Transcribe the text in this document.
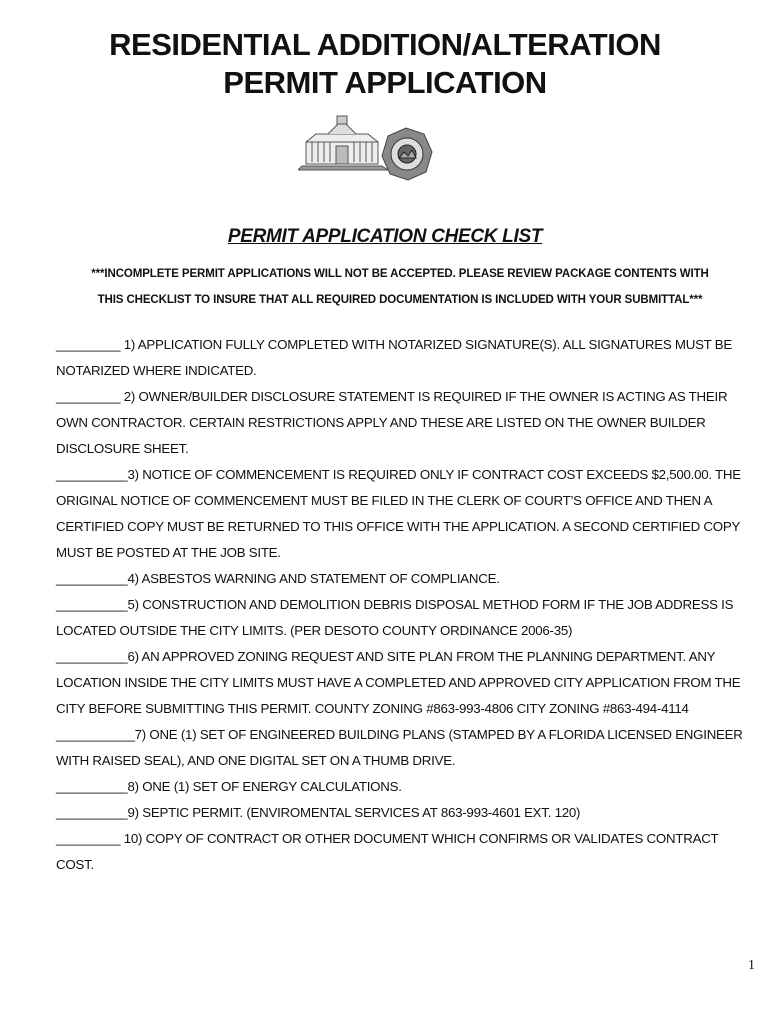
RESIDENTIAL ADDITION/ALTERATION
PERMIT APPLICATION
PERMIT APPLICATION CHECK LIST
***INCOMPLETE PERMIT APPLICATIONS WILL NOT BE ACCEPTED. PLEASE REVIEW PACKAGE CONTENTS WITH
THIS CHECKLIST TO INSURE THAT ALL REQUIRED DOCUMENTATION IS INCLUDED WITH YOUR SUBMITTAL***
_________ 1) APPLICATION FULLY COMPLETED WITH NOTARIZED SIGNATURE(S). ALL SIGNATURES MUST BE
NOTARIZED WHERE INDICATED.
_________ 2) OWNER/BUILDER DISCLOSURE STATEMENT IS REQUIRED IF THE OWNER IS ACTING AS THEIR
OWN CONTRACTOR. CERTAIN RESTRICTIONS APPLY AND THESE ARE LISTED ON THE OWNER BUILDER
DISCLOSURE SHEET.
__________3) NOTICE OF COMMENCEMENT IS REQUIRED ONLY IF CONTRACT COST EXCEEDS $2,500.00. THE
ORIGINAL NOTICE OF COMMENCEMENT MUST BE FILED IN THE CLERK OF COURT’S OFFICE AND THEN A
CERTIFIED COPY MUST BE RETURNED TO THIS OFFICE WITH THE APPLICATION. A SECOND CERTIFIED COPY
MUST BE POSTED AT THE JOB SITE.
__________4) ASBESTOS WARNING AND STATEMENT OF COMPLIANCE.
__________5) CONSTRUCTION AND DEMOLITION DEBRIS DISPOSAL METHOD FORM IF THE JOB ADDRESS IS
LOCATED OUTSIDE THE CITY LIMITS. (PER DESOTO COUNTY ORDINANCE 2006-35)
__________6) AN APPROVED ZONING REQUEST AND SITE PLAN FROM THE PLANNING DEPARTMENT. ANY
LOCATION INSIDE THE CITY LIMITS MUST HAVE A COMPLETED AND APPROVED CITY APPLICATION FROM THE
CITY BEFORE SUBMITTING THIS PERMIT. COUNTY ZONING #863-993-4806 CITY ZONING #863-494-4114
___________7) ONE (1) SET OF ENGINEERED BUILDING PLANS (STAMPED BY A FLORIDA LICENSED ENGINEER
WITH RAISED SEAL), AND ONE DIGITAL SET ON A THUMB DRIVE.
__________8) ONE (1) SET OF ENERGY CALCULATIONS.
__________9) SEPTIC PERMIT. (ENVIROMENTAL SERVICES AT 863-993-4601 EXT. 120)
_________ 10) COPY OF CONTRACT OR OTHER DOCUMENT WHICH CONFIRMS OR VALIDATES CONTRACT
COST.
1
